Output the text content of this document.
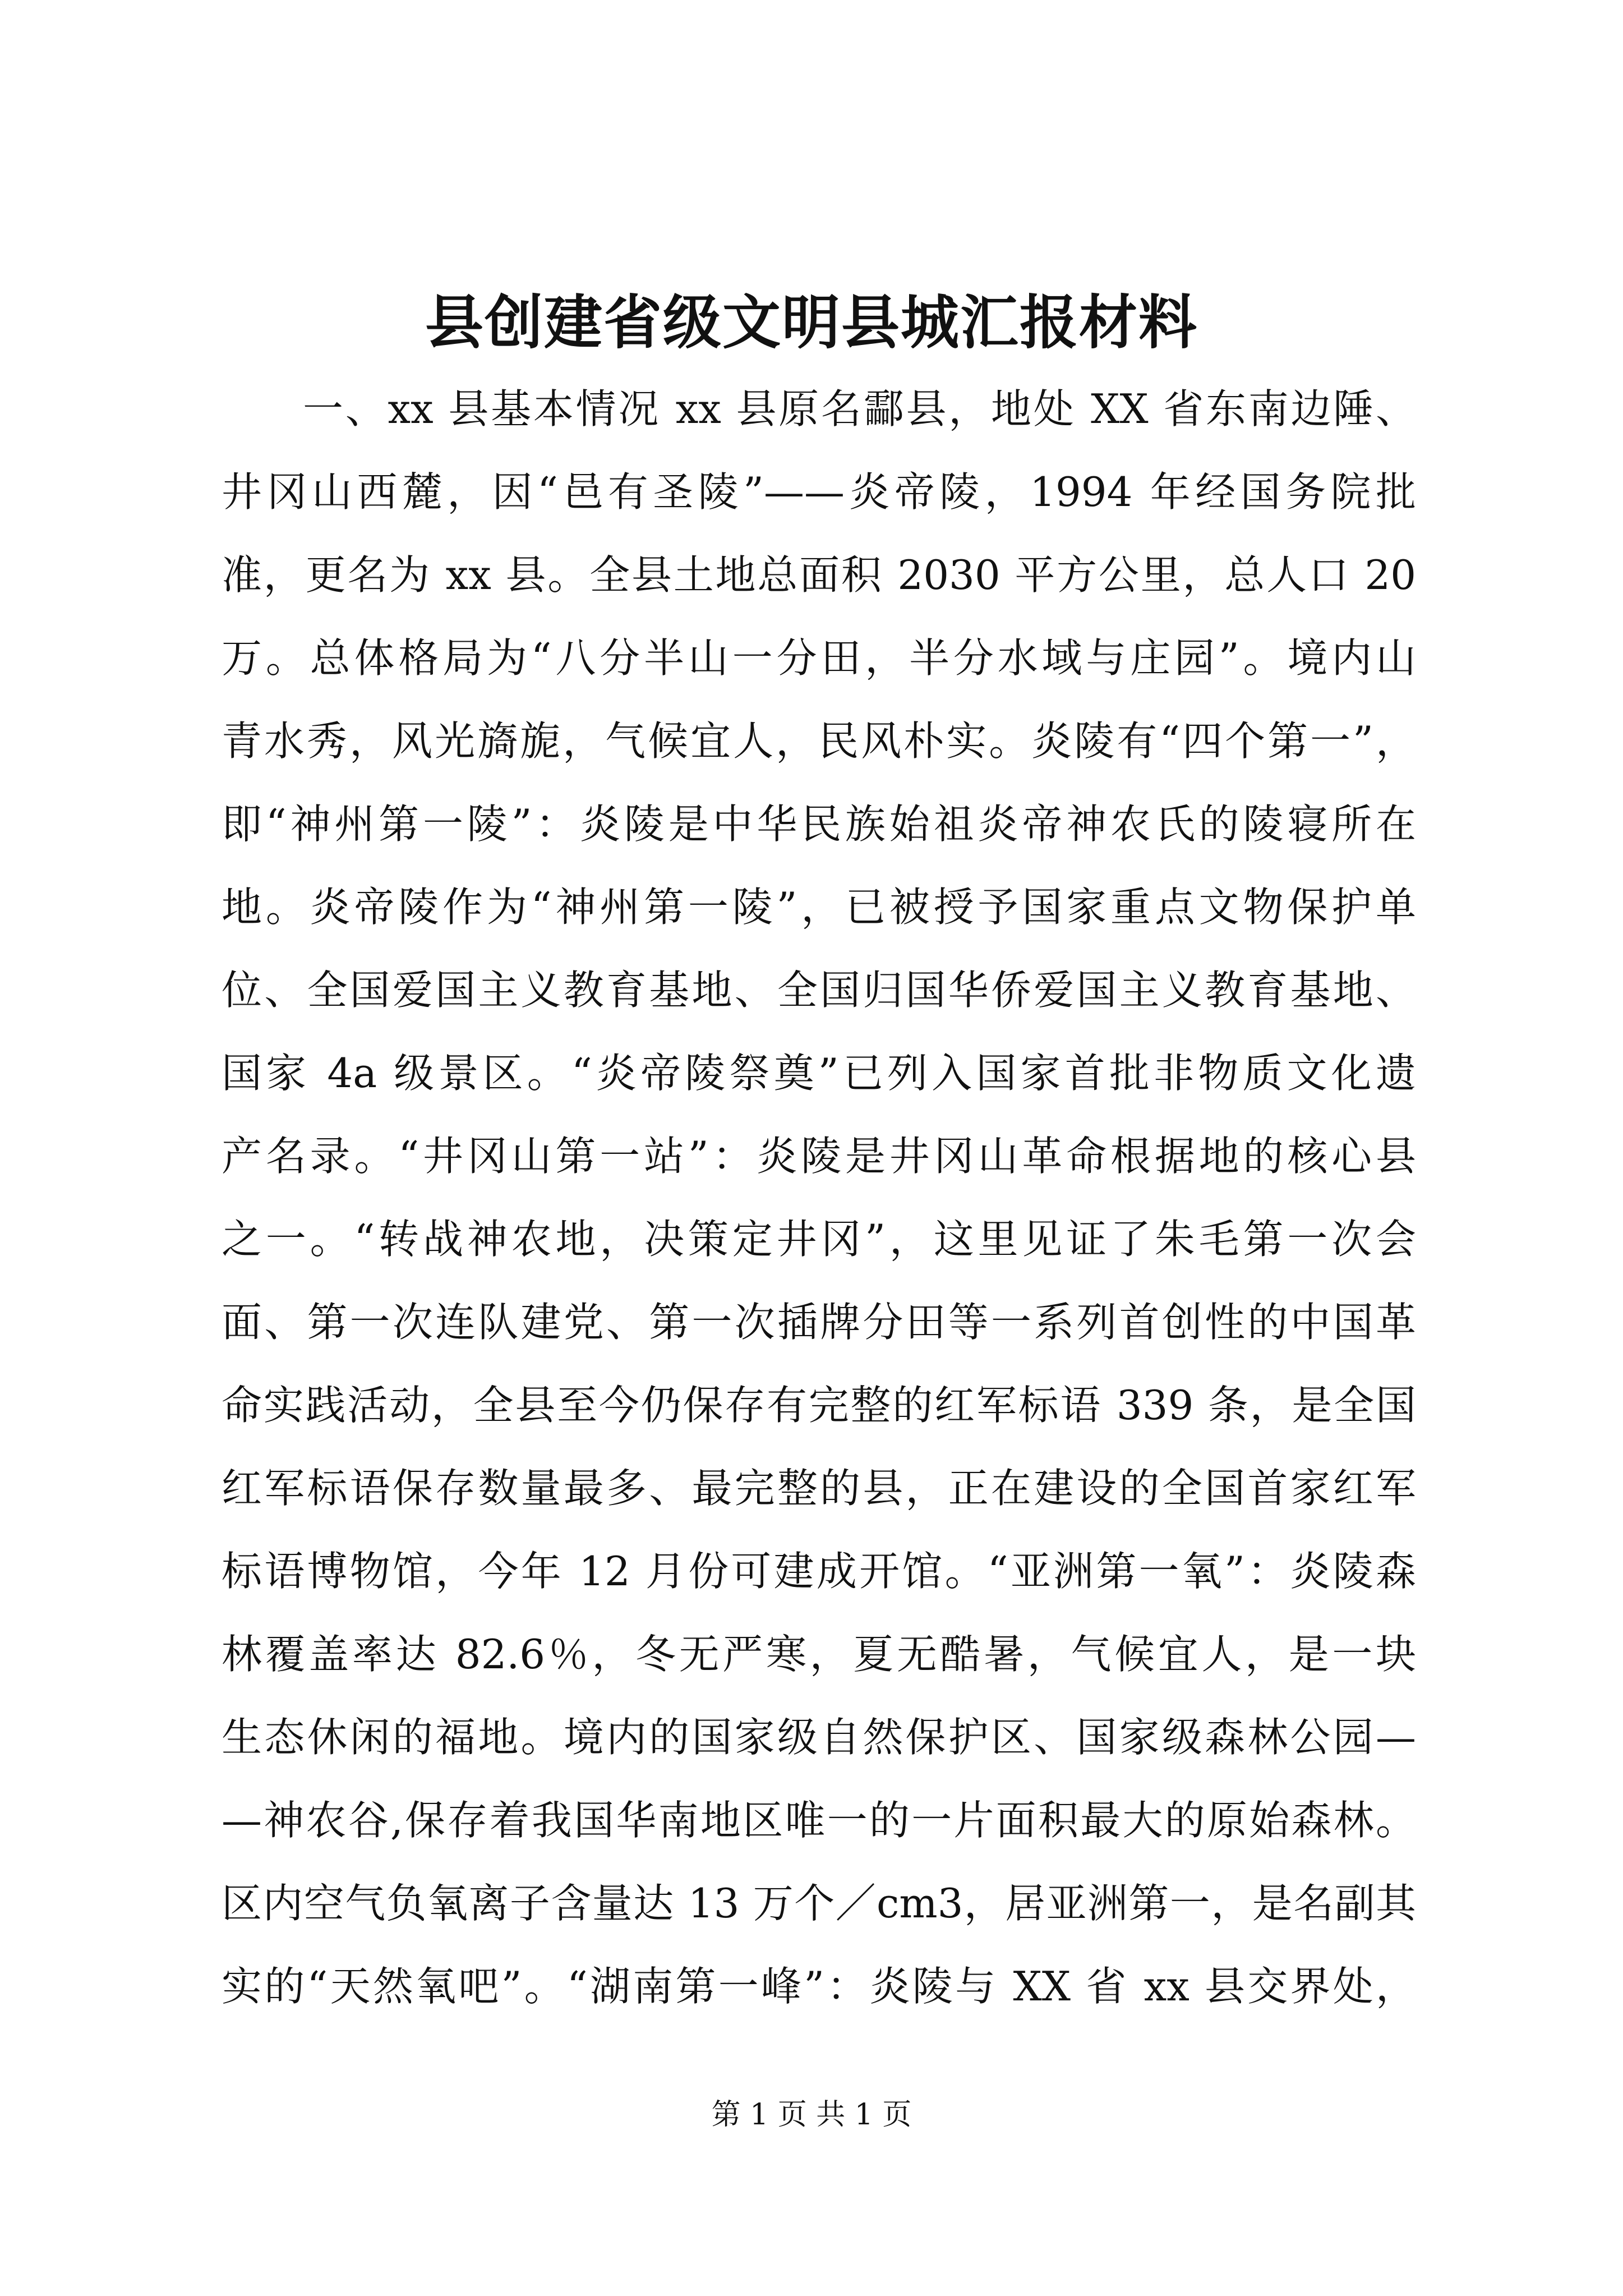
县创建省级文明县城汇报材料
一、xx 县基本情况 xx 县原名酃县，地处 XX 省东南边陲、
井冈山西麓，因“邑有圣陵”——炎帝陵，1994 年经国务院批
准，更名为 xx 县。全县土地总面积 2030 平方公里，总人口 20
万。总体格局为“八分半山一分田，半分水域与庄园”。境内山
青水秀，风光旖旎，气候宜人，民风朴实。炎陵有“四个第一”，
即“神州第一陵”：炎陵是中华民族始祖炎帝神农氏的陵寝所在
地。炎帝陵作为“神州第一陵”，已被授予国家重点文物保护单
位、全国爱国主义教育基地、全国归国华侨爱国主义教育基地、
国家 4a 级景区。“炎帝陵祭奠”已列入国家首批非物质文化遗
产名录。“井冈山第一站”：炎陵是井冈山革命根据地的核心县
之一。“转战神农地，决策定井冈”，这里见证了朱毛第一次会
面、第一次连队建党、第一次插牌分田等一系列首创性的中国革
命实践活动，全县至今仍保存有完整的红军标语 339 条，是全国
红军标语保存数量最多、最完整的县，正在建设的全国首家红军
标语博物馆，今年 12 月份可建成开馆。“亚洲第一氧”：炎陵森
林覆盖率达 82.6％，冬无严寒，夏无酷暑，气候宜人，是一块
生态休闲的福地。境内的国家级自然保护区、国家级森林公园—
—神农谷,保存着我国华南地区唯一的一片面积最大的原始森林。
区内空气负氧离子含量达 13 万个／cm3，居亚洲第一，是名副其
实的“天然氧吧”。“湖南第一峰”：炎陵与 XX 省 xx 县交界处，
第 1 页 共 1 页
